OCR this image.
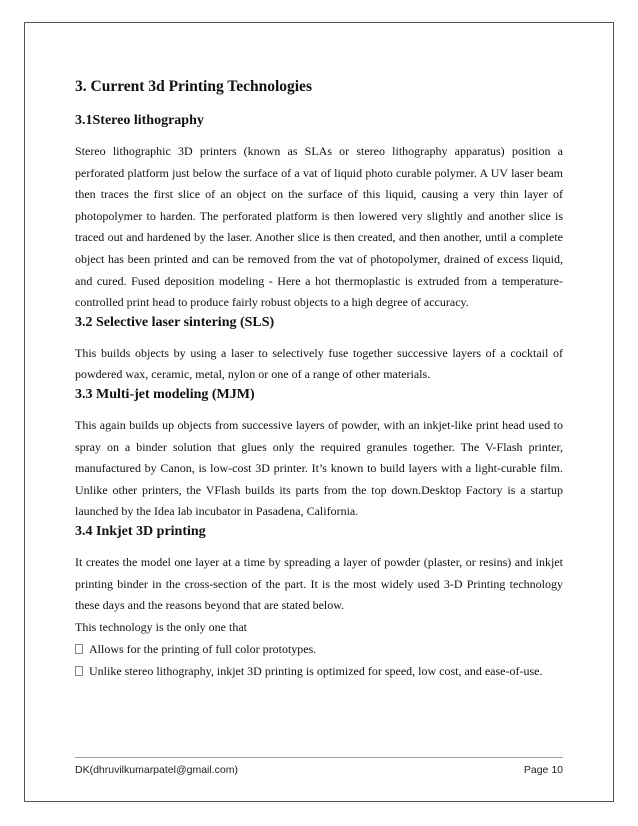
3. Current 3d Printing Technologies
3.1Stereo lithography

Stereo lithographic 3D printers (known as SLAs or stereo lithography apparatus) position a perforated platform just below the surface of a vat of liquid photo curable polymer. A UV laser beam then traces the first slice of an object on the surface of this liquid, causing a very thin layer of photopolymer to harden. The perforated platform is then lowered very slightly and another slice is traced out and hardened by the laser. Another slice is then created, and then another, until a complete object has been printed and can be removed from the vat of photopolymer, drained of excess liquid, and cured. Fused deposition modeling - Here a hot thermoplastic is extruded from a temperature-controlled print head to produce fairly robust objects to a high degree of accuracy.

3.2 Selective laser sintering (SLS)

This builds objects by using a laser to selectively fuse together successive layers of a cocktail of powdered wax, ceramic, metal, nylon or one of a range of other materials.

3.3 Multi-jet modeling (MJM)

This again builds up objects from successive layers of powder, with an inkjet-like print head used to spray on a binder solution that glues only the required granules together. The V-Flash printer, manufactured by Canon, is low-cost 3D printer. It’s known to build layers with a light-curable film. Unlike other printers, the VFlash builds its parts from the top down.Desktop Factory is a startup launched by the Idea lab incubator in Pasadena, California.

3.4 Inkjet 3D printing

It creates the model one layer at a time by spreading a layer of powder (plaster, or resins) and inkjet printing binder in the cross-section of the part. It is the most widely used 3-D Printing technology these days and the reasons beyond that are stated below.

This technology is the only one that

Allows for the printing of full color prototypes.
Unlike stereo lithography, inkjet 3D printing is optimized for speed, low cost, and ease-of-use.
DK(dhruvilkumarpatel@gmail.com)	Page 10
